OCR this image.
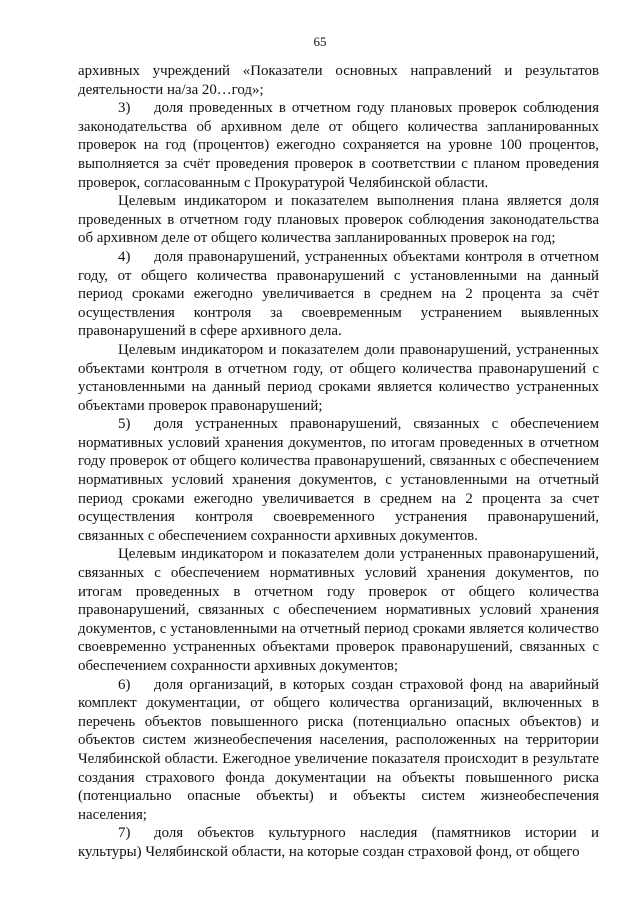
65

архивных учреждений «Показатели основных направлений и результатов деятельности на/за 20…год»;

3) доля проведенных в отчетном году плановых проверок соблюдения законодательства об архивном деле от общего количества запланированных проверок на год (процентов) ежегодно сохраняется на уровне 100 процентов, выполняется за счёт проведения проверок в соответствии с планом проведения проверок, согласованным с Прокуратурой Челябинской области.

Целевым индикатором и показателем выполнения плана является доля проведенных в отчетном году плановых проверок соблюдения законодательства об архивном деле от общего количества запланированных проверок на год;

4) доля правонарушений, устраненных объектами контроля в отчетном году, от общего количества правонарушений с установленными на данный период сроками ежегодно увеличивается в среднем на 2 процента за счёт осуществления контроля за своевременным устранением выявленных правонарушений в сфере архивного дела.

Целевым индикатором и показателем доли правонарушений, устраненных объектами контроля в отчетном году, от общего количества правонарушений с установленными на данный период сроками является количество устраненных объектами проверок правонарушений;

5) доля устраненных правонарушений, связанных с обеспечением нормативных условий хранения документов, по итогам проведенных в отчетном году проверок от общего количества правонарушений, связанных с обеспечением нормативных условий хранения документов, с установленными на отчетный период сроками ежегодно увеличивается в среднем на 2 процента за счет осуществления контроля своевременного устранения правонарушений, связанных с обеспечением сохранности архивных документов.

Целевым индикатором и показателем доли устраненных правонарушений, связанных с обеспечением нормативных условий хранения документов, по итогам проведенных в отчетном году проверок от общего количества правонарушений, связанных с обеспечением нормативных условий хранения документов, с установленными на отчетный период сроками является количество своевременно устраненных объектами проверок правонарушений, связанных с обеспечением сохранности архивных документов;

6) доля организаций, в которых создан страховой фонд на аварийный комплект документации, от общего количества организаций, включенных в перечень объектов повышенного риска (потенциально опасных объектов) и объектов систем жизнеобеспечения населения, расположенных на территории Челябинской области. Ежегодное увеличение показателя происходит в результате создания страхового фонда документации на объекты повышенного риска (потенциально опасные объекты) и объекты систем жизнеобеспечения населения;

7) доля объектов культурного наследия (памятников истории и культуры) Челябинской области, на которые создан страховой фонд, от общего
